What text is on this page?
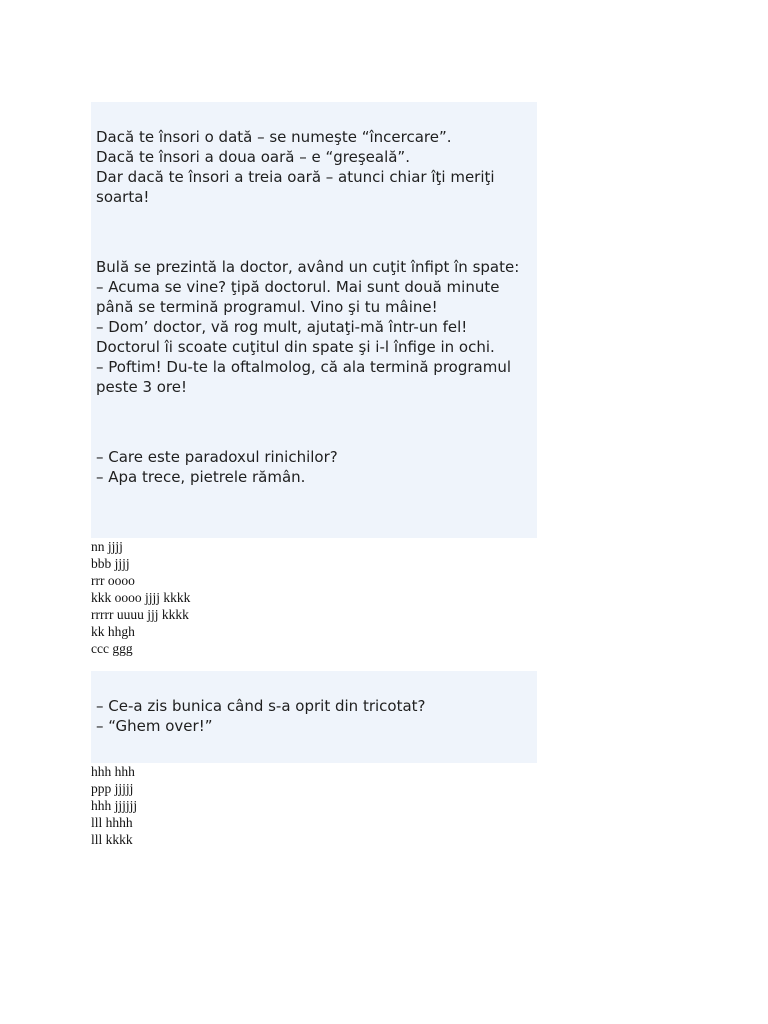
Dacă te însori o dată – se numeşte “încercare”.
Dacă te însori a doua oară – e “greşeală”.
Dar dacă te însori a treia oară – atunci chiar îţi meriţi soarta!
Bulă se prezintă la doctor, având un cuţit înfipt în spate:
– Acuma se vine? ţipă doctorul. Mai sunt două minute până se termină programul. Vino şi tu mâine!
– Dom’ doctor, vă rog mult, ajutaţi-mă într-un fel!
Doctorul îi scoate cuţitul din spate şi i-l înfige in ochi.
– Poftim! Du-te la oftalmolog, că ala termină programul peste 3 ore!
– Care este paradoxul rinichilor?
– Apa trece, pietrele rămân.
nn jjjj
bbb jjjj
rrr oooo
kkk oooo jjjj kkkk
rrrrr uuuu jjj kkkk
kk hhgh
ccc ggg
– Ce-a zis bunica când s-a oprit din tricotat?
– “Ghem over!”
hhh hhh
ppp jjjjj
hhh jjjjjj
lll hhhh
lll kkkk
